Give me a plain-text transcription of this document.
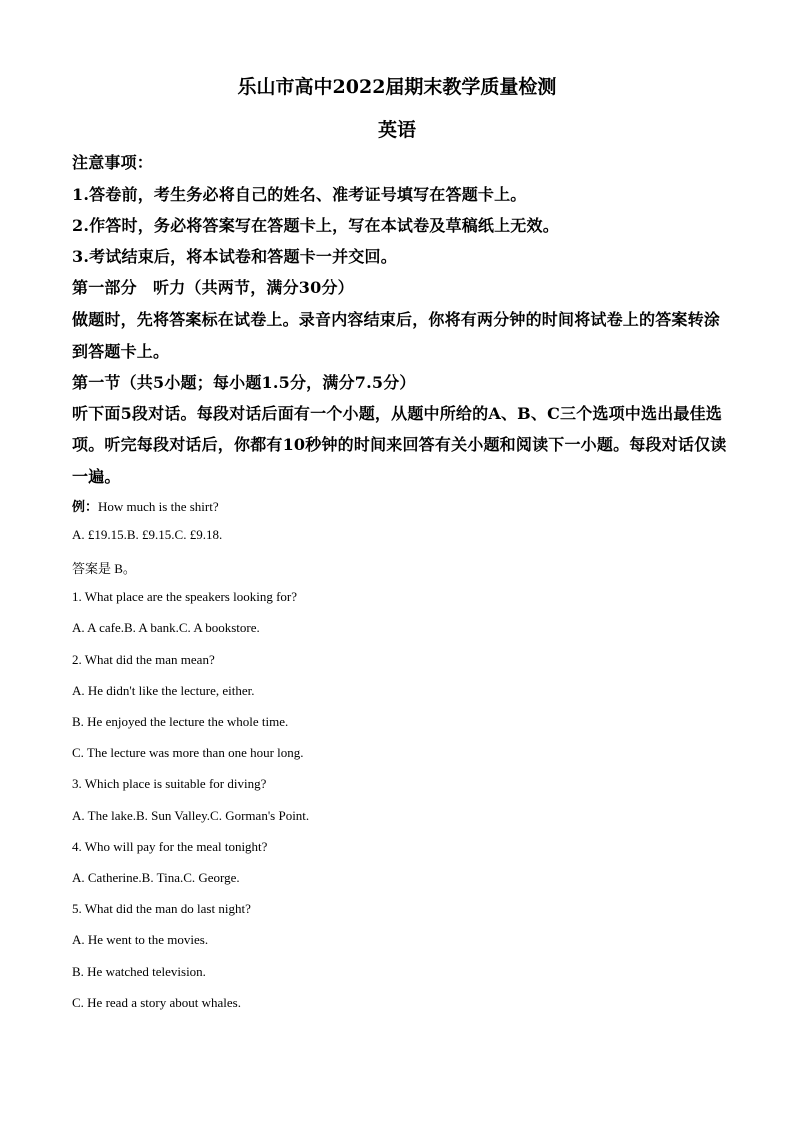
乐山市高中2022届期末教学质量检测
英语
注意事项：
1.答卷前，考生务必将自己的姓名、准考证号填写在答题卡上。
2.作答时，务必将答案写在答题卡上，写在本试卷及草稿纸上无效。
3.考试结束后，将本试卷和答题卡一并交回。
第一部分　听力（共两节，满分30分）
做题时，先将答案标在试卷上。录音内容结束后，你将有两分钟的时间将试卷上的答案转涂
到答题卡上。
第一节（共5小题；每小题1.5分，满分7.5分）
听下面5段对话。每段对话后面有一个小题，从题中所给的A、B、C三个选项中选出最佳选
项。听完每段对话后，你都有10秒钟的时间来回答有关小题和阅读下一小题。每段对话仅读
一遍。
例：How much is the shirt?
A. £19.15.B. £9.15.C. £9.18.
答案是 B。
1. What place are the speakers looking for?
A. A cafe.B. A bank.C. A bookstore.
2. What did the man mean?
A. He didn't like the lecture, either.
B. He enjoyed the lecture the whole time.
C. The lecture was more than one hour long.
3. Which place is suitable for diving?
A. The lake.B. Sun Valley.C. Gorman's Point.
4. Who will pay for the meal tonight?
A. Catherine.B. Tina.C. George.
5. What did the man do last night?
A. He went to the movies.
B. He watched television.
C. He read a story about whales.
